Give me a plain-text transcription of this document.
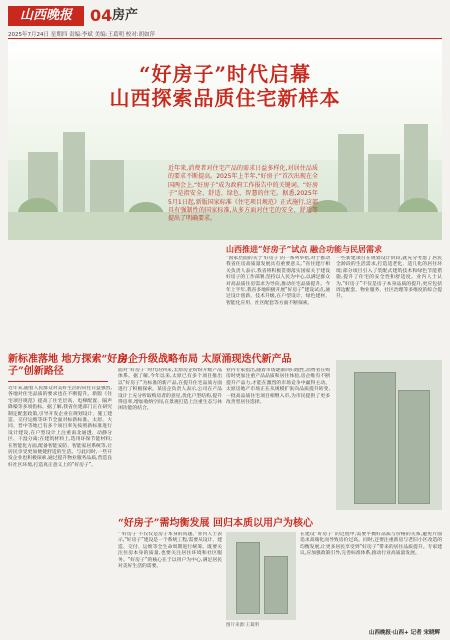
山西晚报	04 房产
2025年7月24日 星期四 责编:李斌 美编:王葛明 校对:胡如萍
“好房子”时代启幕
山西探索品质住宅新样本
近年来,消费者对住宅产品的需求日益多样化,对居住品质的要求不断提高。2025年上半年,“好房子”首次出现在全国两会上,“好房子”成为政府工作报告中的关键词。“好房子”是指安全、舒适、绿色、智慧的住宅。据悉,2025年5月1日起,新版国家标准《住宅项目规范》正式施行,这部具有强制性的国家标准,从多方面对住宅的安全、舒适等提出了明确要求。
山西推进“好房子”试点 融合功能与民居需求
“国家层面的关于‘好房子’的一系列举措,对于推动我省住房高质量发展具有重要意义。”省住建厅相关负责人表示,我省将积极贯彻落实国家关于建设好房子的工作部署,坚持以人民为中心,以满足群众对高品质住房需求为导向,推动住宅品质提升。今年上半年,我省多地积极开展“好房子”建设试点,通过设计创新、技术升级,在户型设计、绿色建材、智能化应用、社区配套等方面不断探索。
一些新建项目在规划设计阶段,就充分考虑了居民全龄段的生活需求,打造适老化、适儿化的居住环境;部分项目引入了装配式建筑技术和绿色节能措施,提升了住宅的安全性和舒适度。业内人士认为,“好房子”不仅是房子本身品质的提升,更应包括周边配套、物业服务、社区治理等多维度的综合提升。
新标准落地 地方探索“好房子”创新路径
近年来,随着人民群众对美好生活的向往日益强烈,各地对住宅品质的要求也在不断提升。新版《住宅项目规范》提高了住宅层高、电梯配置、隔声降噪等多项指标。据了解,我省住建部门正在研究制定配套政策,引导开发企业在规划设计、施工建造、交付运维等环节全面对标新标准。太原、大同、晋中等地已有多个项目率先按照新标准进行设计建设,在户型设计上注重南北通透、动静分区、干湿分离;在建筑材料上,选用环保节能材料;在智能化方面,配备智能安防、智能家居系统等,让居民享受更加便捷舒适的生活。与此同时,一些开发企业也积极探索,通过提升物业服务品质,营造良好社区环境,打造真正意义上的“好房子”。
房企升级战略布局 太原涌现迭代新产品
面对“好房子”时代的到来,太原房企纷纷升级产品体系。据了解,今年以来,太原已有多个项目推出以“好房子”为标准的新产品,在提升住宅品质方面进行了积极探索。某房企负责人表示,公司在产品设计上充分听取购房者的意见,优化户型结构,提升得房率,增加收纳空间,在景观打造上注重生态与休闲功能的结合。
业内专家指出,随着市场逐渐回归理性,消费者在购房时更加注重产品品质和居住体验,房企唯有不断提升产品力,才能在激烈的市场竞争中赢得主动。太原房地产市场正在从规模扩张向品质提升转变,一批高品质住宅项目相继入市,为市民提供了更多改善型居住选择。
“好房子”需均衡发展 回归本质以用户为核心
“‘好房子’不仅仅是房子本身的问题。”业内人士表示,“好房子”建设是一个系统工程,需要从设计、建造、交付、运维等全生命周期进行统筹。既要关注住房本身的质量,也要关注居住环境和社区服务。“好房子”的核心在于以用户为中心,满足居民对美好生活的需要。
图片来源:王葛明
在建设“好房子”的过程中,需要平衡好品质与价格的关系,避免片面追求高端化而导致房价过高。同时,还要注重新房与老旧小区改造的均衡发展,让更多居民享受到“好房子”带来的居住品质提升。专家建议,应加强政策引导,完善标准体系,推动行业高质量发展。
山西晚报·山西+ 记者 宋晓辉
